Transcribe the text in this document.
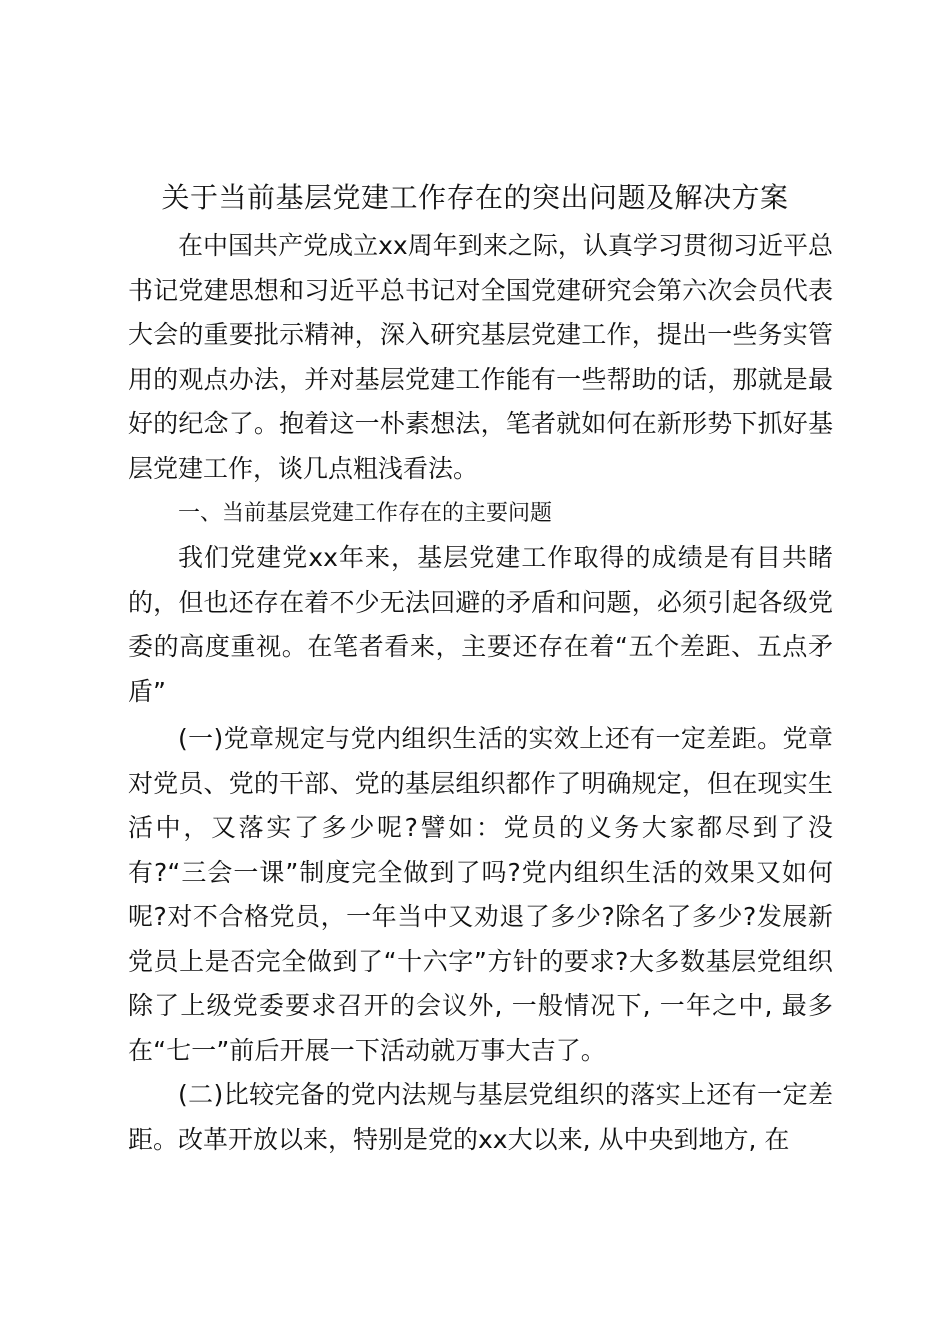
关于当前基层党建工作存在的突出问题及解决方案

在中国共产党成立xx周年到来之际，认真学习贯彻习近平总书记党建思想和习近平总书记对全国党建研究会第六次会员代表大会的重要批示精神，深入研究基层党建工作，提出一些务实管用的观点办法，并对基层党建工作能有一些帮助的话，那就是最好的纪念了。抱着这一朴素想法，笔者就如何在新形势下抓好基层党建工作，谈几点粗浅看法。

一、当前基层党建工作存在的主要问题

我们党建党xx年来，基层党建工作取得的成绩是有目共睹的，但也还存在着不少无法回避的矛盾和问题，必须引起各级党委的高度重视。在笔者看来，主要还存在着“五个差距、五点矛盾”

(一)党章规定与党内组织生活的实效上还有一定差距。党章对党员、党的干部、党的基层组织都作了明确规定，但在现实生活中，又落实了多少呢?譬如：党员的义务大家都尽到了没有?“三会一课”制度完全做到了吗?党内组织生活的效果又如何呢?对不合格党员，一年当中又劝退了多少?除名了多少?发展新党员上是否完全做到了“十六字”方针的要求?大多数基层党组织除了上级党委要求召开的会议外, 一般情况下, 一年之中, 最多在“七一”前后开展一下活动就万事大吉了。

(二)比较完备的党内法规与基层党组织的落实上还有一定差距。改革开放以来，特别是党的xx大以来, 从中央到地方, 在
